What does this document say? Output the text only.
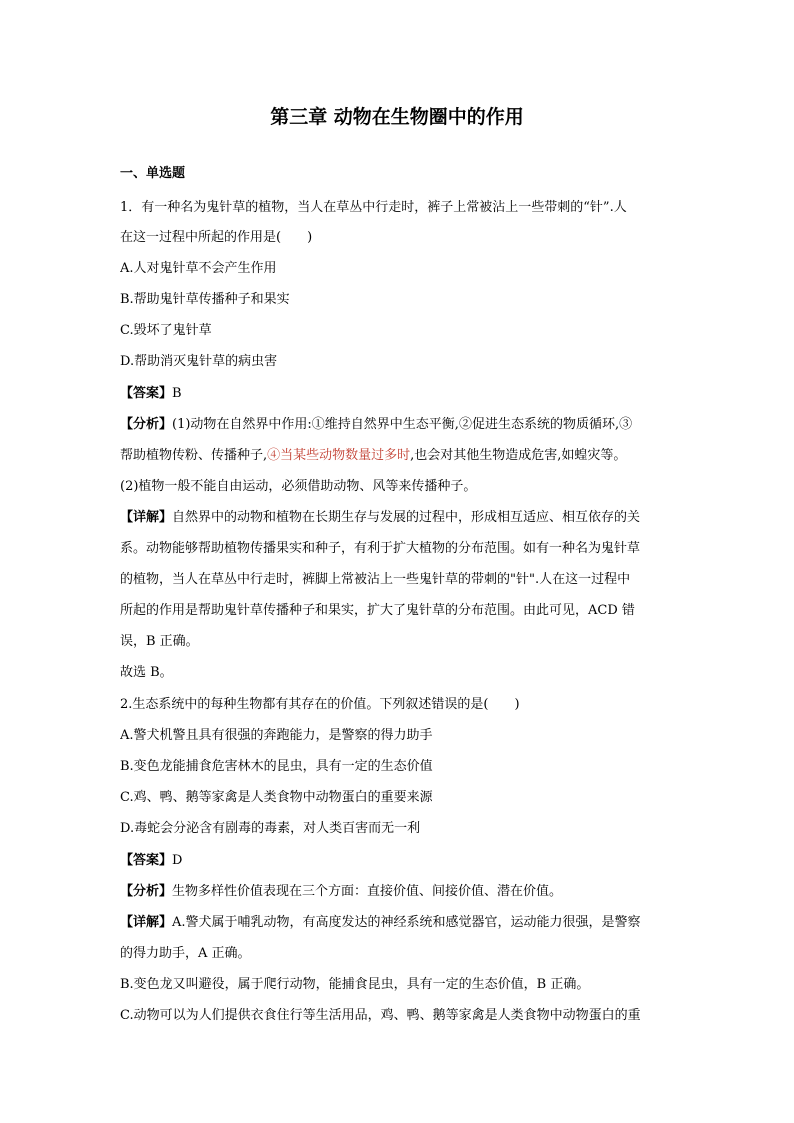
第三章 动物在生物圈中的作用
一、单选题
1．有一种名为鬼针草的植物，当人在草丛中行走时，裤子上常被沾上一些带刺的“针”.人
在这一过程中所起的作用是(　　)
A.人对鬼针草不会产生作用
B.帮助鬼针草传播种子和果实
C.毁坏了鬼针草
D.帮助消灭鬼针草的病虫害
【答案】B
【分析】(1)动物在自然界中作用:①维持自然界中生态平衡,②促进生态系统的物质循环,③
帮助植物传粉、传播种子,④当某些动物数量过多时,也会对其他生物造成危害,如蝗灾等。
(2)植物一般不能自由运动，必须借助动物、风等来传播种子。
【详解】自然界中的动物和植物在长期生存与发展的过程中，形成相互适应、相互依存的关
系。动物能够帮助植物传播果实和种子，有利于扩大植物的分布范围。如有一种名为鬼针草
的植物，当人在草丛中行走时，裤脚上常被沾上一些鬼针草的带刺的"针".人在这一过程中
所起的作用是帮助鬼针草传播种子和果实，扩大了鬼针草的分布范围。由此可见，ACD 错
误，B 正确。
故选 B。
2.生态系统中的每种生物都有其存在的价值。下列叙述错误的是(　　)
A.警犬机警且具有很强的奔跑能力，是警察的得力助手
B.变色龙能捕食危害林木的昆虫，具有一定的生态价值
C.鸡、鸭、鹅等家禽是人类食物中动物蛋白的重要来源
D.毒蛇会分泌含有剧毒的毒素，对人类百害而无一利
【答案】D
【分析】生物多样性价值表现在三个方面：直接价值、间接价值、潜在价值。
【详解】A.警犬属于哺乳动物，有高度发达的神经系统和感觉器官，运动能力很强，是警察
的得力助手，A 正确。
B.变色龙又叫避役，属于爬行动物，能捕食昆虫，具有一定的生态价值，B 正确。
C.动物可以为人们提供衣食住行等生活用品，鸡、鸭、鹅等家禽是人类食物中动物蛋白的重
